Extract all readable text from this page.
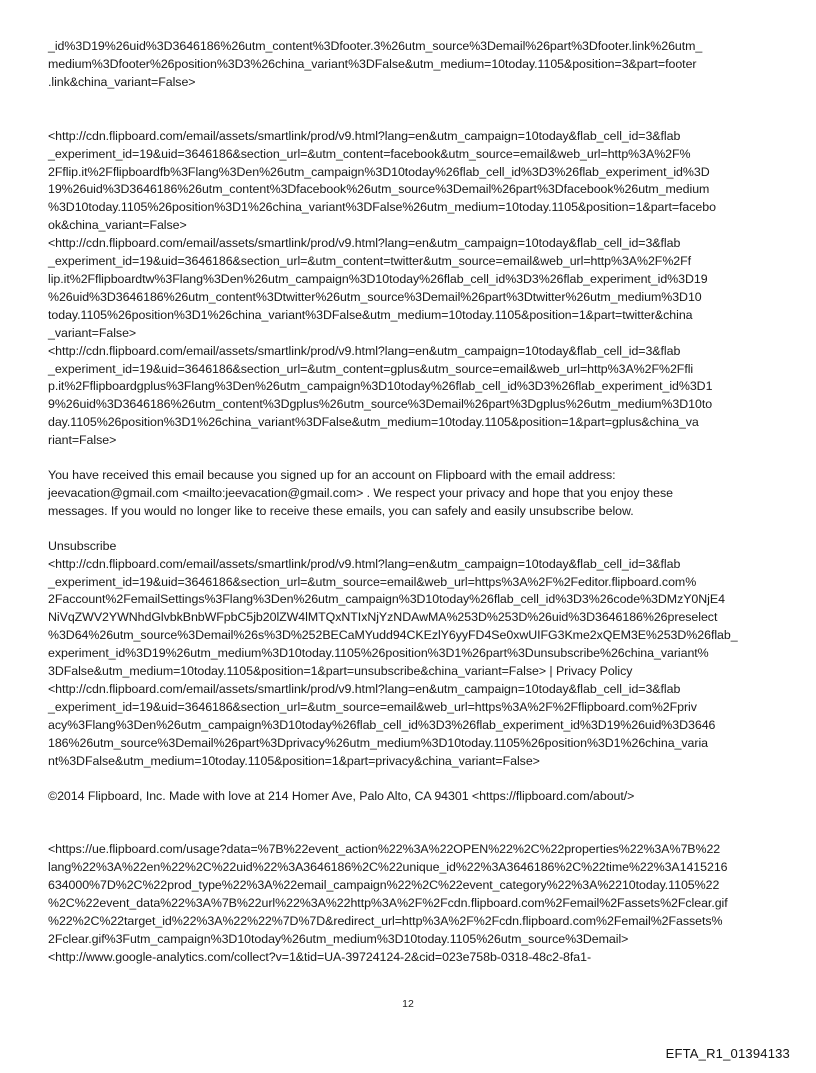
_id%3D19%26uid%3D3646186%26utm_content%3Dfooter.3%26utm_source%3Demail%26part%3Dfooter.link%26utm_
medium%3Dfooter%26position%3D3%26china_variant%3DFalse&utm_medium=10today.1105&position=3&part=footer
.link&china_variant=False>

<http://cdn.flipboard.com/email/assets/smartlink/prod/v9.html?lang=en&utm_campaign=10today&flab_cell_id=3&flab
_experiment_id=19&uid=3646186&section_url=&utm_content=facebook&utm_source=email&web_url=http%3A%2F%
2Fflip.it%2Fflipboardfb%3Flang%3Den%26utm_campaign%3D10today%26flab_cell_id%3D3%26flab_experiment_id%3D
19%26uid%3D3646186%26utm_content%3Dfacebook%26utm_source%3Demail%26part%3Dfacebook%26utm_medium
%3D10today.1105%26position%3D1%26china_variant%3DFalse%26utm_medium=10today.1105&position=1&part=facebo
ok&china_variant=False>
<http://cdn.flipboard.com/email/assets/smartlink/prod/v9.html?lang=en&utm_campaign=10today&flab_cell_id=3&flab
_experiment_id=19&uid=3646186&section_url=&utm_content=twitter&utm_source=email&web_url=http%3A%2F%2Ff
lip.it%2Fflipboardtw%3Flang%3Den%26utm_campaign%3D10today%26flab_cell_id%3D3%26flab_experiment_id%3D19
%26uid%3D3646186%26utm_content%3Dtwitter%26utm_source%3Demail%26part%3Dtwitter%26utm_medium%3D10
today.1105%26position%3D1%26china_variant%3DFalse&utm_medium=10today.1105&position=1&part=twitter&china
_variant=False>
<http://cdn.flipboard.com/email/assets/smartlink/prod/v9.html?lang=en&utm_campaign=10today&flab_cell_id=3&flab
_experiment_id=19&uid=3646186&section_url=&utm_content=gplus&utm_source=email&web_url=http%3A%2F%2Ffli
p.it%2Fflipboardgplus%3Flang%3Den%26utm_campaign%3D10today%26flab_cell_id%3D3%26flab_experiment_id%3D1
9%26uid%3D3646186%26utm_content%3Dgplus%26utm_source%3Demail%26part%3Dgplus%26utm_medium%3D10to
day.1105%26position%3D1%26china_variant%3DFalse&utm_medium=10today.1105&position=1&part=gplus&china_va
riant=False>

You have received this email because you signed up for an account on Flipboard with the email address:
jeevacation@gmail.com <mailto:jeevacation@gmail.com> . We respect your privacy and hope that you enjoy these
messages. If you would no longer like to receive these emails, you can safely and easily unsubscribe below.

Unsubscribe
<http://cdn.flipboard.com/email/assets/smartlink/prod/v9.html?lang=en&utm_campaign=10today&flab_cell_id=3&flab
_experiment_id=19&uid=3646186&section_url=&utm_source=email&web_url=https%3A%2F%2Feditor.flipboard.com%
2Faccount%2FemailSettings%3Flang%3Den%26utm_campaign%3D10today%26flab_cell_id%3D3%26code%3DMzY0NjE4
NiVqZWV2YWNhdGlvbkBnbWFpbC5jb20lZW4lMTQxNTIxNjYzNDAwMA%253D%253D%26uid%3D3646186%26preselect
%3D64%26utm_source%3Demail%26s%3D%252BECaMYudd94CKEzlY6yyFD4Se0xwUIFG3Kme2xQEM3E%253D%26flab_
experiment_id%3D19%26utm_medium%3D10today.1105%26position%3D1%26part%3Dunsubscribe%26china_variant%
3DFalse&utm_medium=10today.1105&position=1&part=unsubscribe&china_variant=False> | Privacy Policy
<http://cdn.flipboard.com/email/assets/smartlink/prod/v9.html?lang=en&utm_campaign=10today&flab_cell_id=3&flab
_experiment_id=19&uid=3646186&section_url=&utm_source=email&web_url=https%3A%2F%2Fflipboard.com%2Fpriv
acy%3Flang%3Den%26utm_campaign%3D10today%26flab_cell_id%3D3%26flab_experiment_id%3D19%26uid%3D3646
186%26utm_source%3Demail%26part%3Dprivacy%26utm_medium%3D10today.1105%26position%3D1%26china_varia
nt%3DFalse&utm_medium=10today.1105&position=1&part=privacy&china_variant=False>

©2014 Flipboard, Inc. Made with love at 214 Homer Ave, Palo Alto, CA 94301 <https://flipboard.com/about/>

<https://ue.flipboard.com/usage?data=%7B%22event_action%22%3A%22OPEN%22%2C%22properties%22%3A%7B%22
lang%22%3A%22en%22%2C%22uid%22%3A3646186%2C%22unique_id%22%3A3646186%2C%22time%22%3A1415216
634000%7D%2C%22prod_type%22%3A%22email_campaign%22%2C%22event_category%22%3A%2210today.1105%22
%2C%22event_data%22%3A%7B%22url%22%3A%22http%3A%2F%2Fcdn.flipboard.com%2Femail%2Fassets%2Fclear.gif
%22%2C%22target_id%22%3A%22%22%7D%7D&redirect_url=http%3A%2F%2Fcdn.flipboard.com%2Femail%2Fassets%
2Fclear.gif%3Futm_campaign%3D10today%26utm_medium%3D10today.1105%26utm_source%3Demail>
<http://www.google-analytics.com/collect?v=1&tid=UA-39724124-2&cid=023e758b-0318-48c2-8fa1-

12
EFTA_R1_01394133
